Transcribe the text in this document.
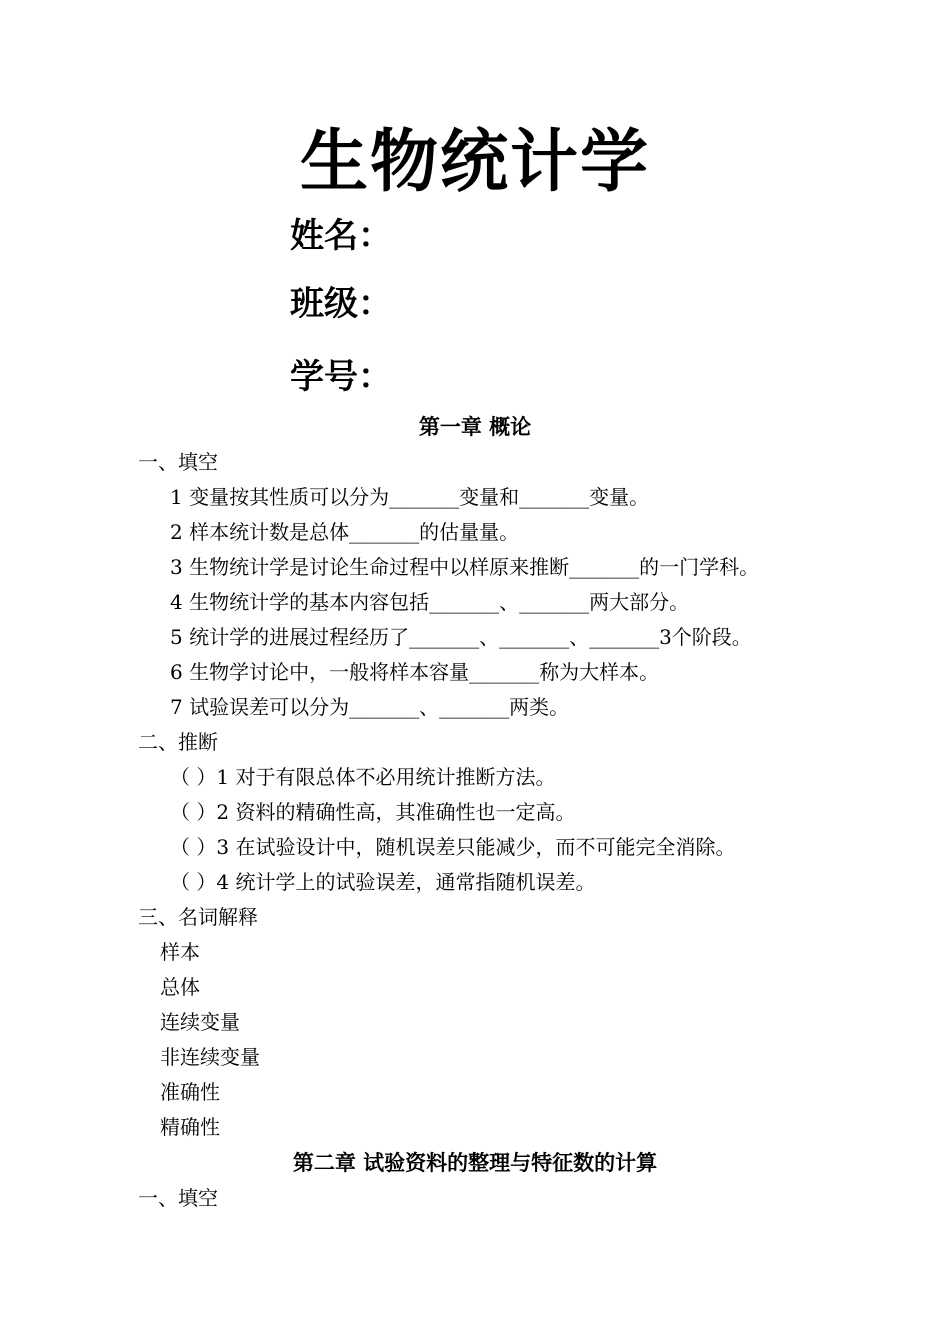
生物统计学
姓名：
班级：
学号：
第一章 概论
一、填空
1 变量按其性质可以分为_______变量和_______变量。
2 样本统计数是总体_______的估量量。
3 生物统计学是讨论生命过程中以样原来推断_______的一门学科。
4 生物统计学的基本内容包括_______、_______两大部分。
5 统计学的进展过程经历了_______、_______、_______3个阶段。
6 生物学讨论中，一般将样本容量_______称为大样本。
7 试验误差可以分为_______、_______两类。
二、推断
（ ）1 对于有限总体不必用统计推断方法。
（ ）2 资料的精确性高，其准确性也一定高。
（ ）3 在试验设计中，随机误差只能减少，而不可能完全消除。
（ ）4 统计学上的试验误差，通常指随机误差。
三、名词解释
样本
总体
连续变量
非连续变量
准确性
精确性
第二章 试验资料的整理与特征数的计算
一、填空
